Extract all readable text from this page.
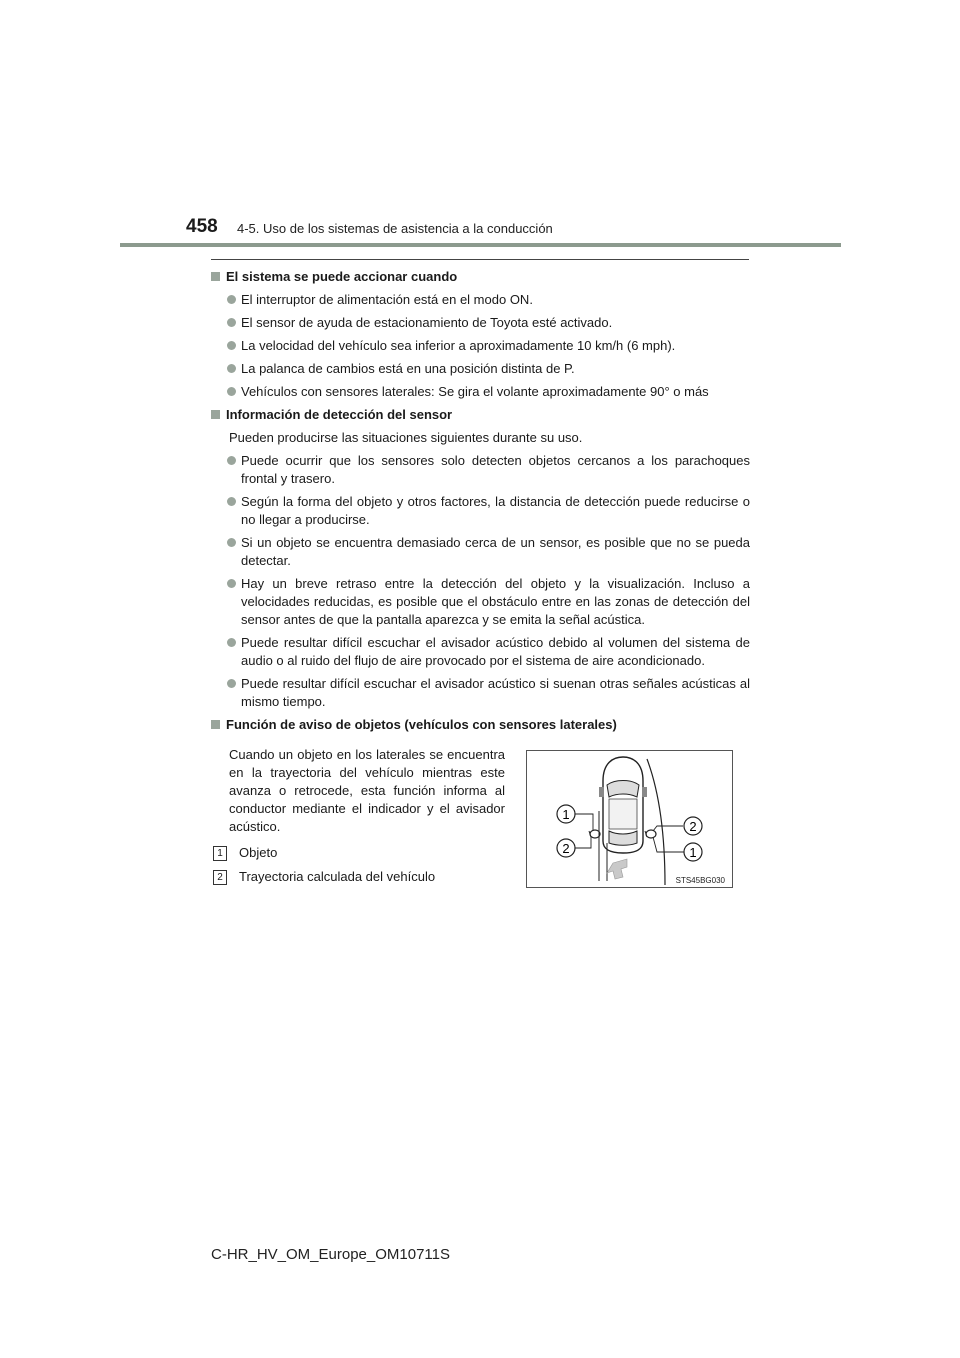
458 4-5. Uso de los sistemas de asistencia a la conducción
El sistema se puede accionar cuando
El interruptor de alimentación está en el modo ON.
El sensor de ayuda de estacionamiento de Toyota esté activado.
La velocidad del vehículo sea inferior a aproximadamente 10 km/h (6 mph).
La palanca de cambios está en una posición distinta de P.
Vehículos con sensores laterales: Se gira el volante aproximadamente 90° o más
Información de detección del sensor

Pueden producirse las situaciones siguientes durante su uso.

Puede ocurrir que los sensores solo detecten objetos cercanos a los parachoques frontal y trasero.
Según la forma del objeto y otros factores, la distancia de detección puede reducirse o no llegar a producirse.
Si un objeto se encuentra demasiado cerca de un sensor, es posible que no se pueda detectar.
Hay un breve retraso entre la detección del objeto y la visualización. Incluso a velocidades reducidas, es posible que el obstáculo entre en las zonas de detección del sensor antes de que la pantalla aparezca y se emita la señal acústica.
Puede resultar difícil escuchar el avisador acústico debido al volumen del sistema de audio o al ruido del flujo de aire provocado por el sistema de aire acondicionado.
Puede resultar difícil escuchar el avisador acústico si suenan otras señales acústicas al mismo tiempo.
Función de aviso de objetos (vehículos con sensores laterales)
Cuando un objeto en los laterales se encuentra en la trayectoria del vehículo mientras este avanza o retrocede, esta función informa al conductor mediante el indicador y el avisador acústico.
1	Objeto
2	Trayectoria calculada del vehículo
1
2
2
1
STS45BG030
C-HR_HV_OM_Europe_OM10711S
